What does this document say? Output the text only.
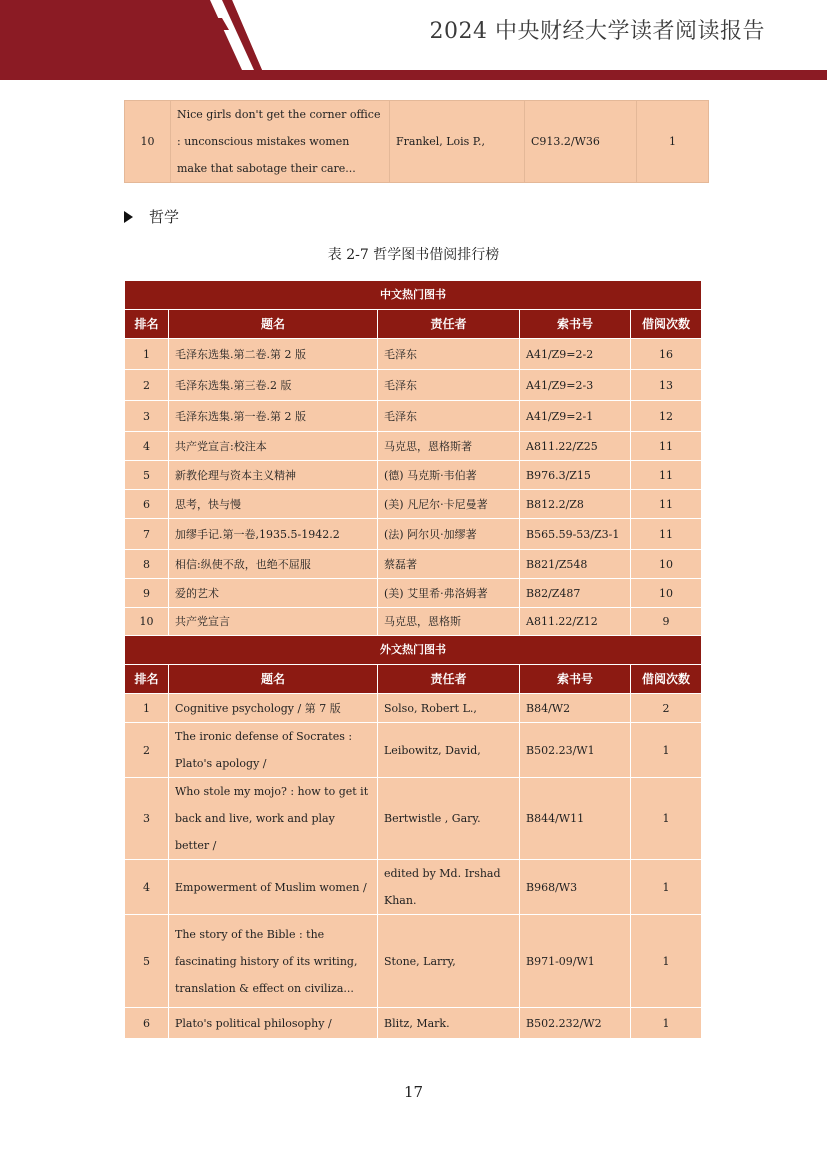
2024 中央财经大学读者阅读报告
10	Nice girls don't get the corner office : unconscious mistakes women make that sabotage their care...	Frankel, Lois P.,	C913.2/W36	1
哲学
表 2-7 哲学图书借阅排行榜
中文热门图书				
排名	题名	责任者	索书号	借阅次数
1	毛泽东选集.第二卷.第 2 版	毛泽东	A41/Z9=2-2	16
2	毛泽东选集.第三卷.2 版	毛泽东	A41/Z9=2-3	13
3	毛泽东选集.第一卷.第 2 版	毛泽东	A41/Z9=2-1	12
4	共产党宣言:校注本	马克思，恩格斯著	A811.22/Z25	11
5	新教伦理与资本主义精神	(德) 马克斯·韦伯著	B976.3/Z15	11
6	思考，快与慢	(美) 凡尼尔·卡尼曼著	B812.2/Z8	11
7	加缪手记.第一卷,1935.5-1942.2	(法) 阿尔贝·加缪著	B565.59-53/Z3-1	11
8	相信:纵使不敌，也绝不屈服	蔡磊著	B821/Z548	10
9	爱的艺术	(美) 艾里希·弗洛姆著	B82/Z487	10
10	共产党宣言	马克思，恩格斯	A811.22/Z12	9
外文热门图书				
排名	题名	责任者	索书号	借阅次数
1	Cognitive psychology / 第 7 版	Solso, Robert L.,	B84/W2	2
2	The ironic defense of Socrates : Plato's apology /	Leibowitz, David,	B502.23/W1	1
3	Who stole my mojo? : how to get it back and live, work and play better /	Bertwistle , Gary.	B844/W11	1
4	Empowerment of Muslim women /	edited by Md. Irshad Khan.	B968/W3	1
5	The story of the Bible : the fascinating history of its writing, translation & effect on civiliza...	Stone, Larry,	B971-09/W1	1
6	Plato's political philosophy /	Blitz, Mark.	B502.232/W2	1
17
